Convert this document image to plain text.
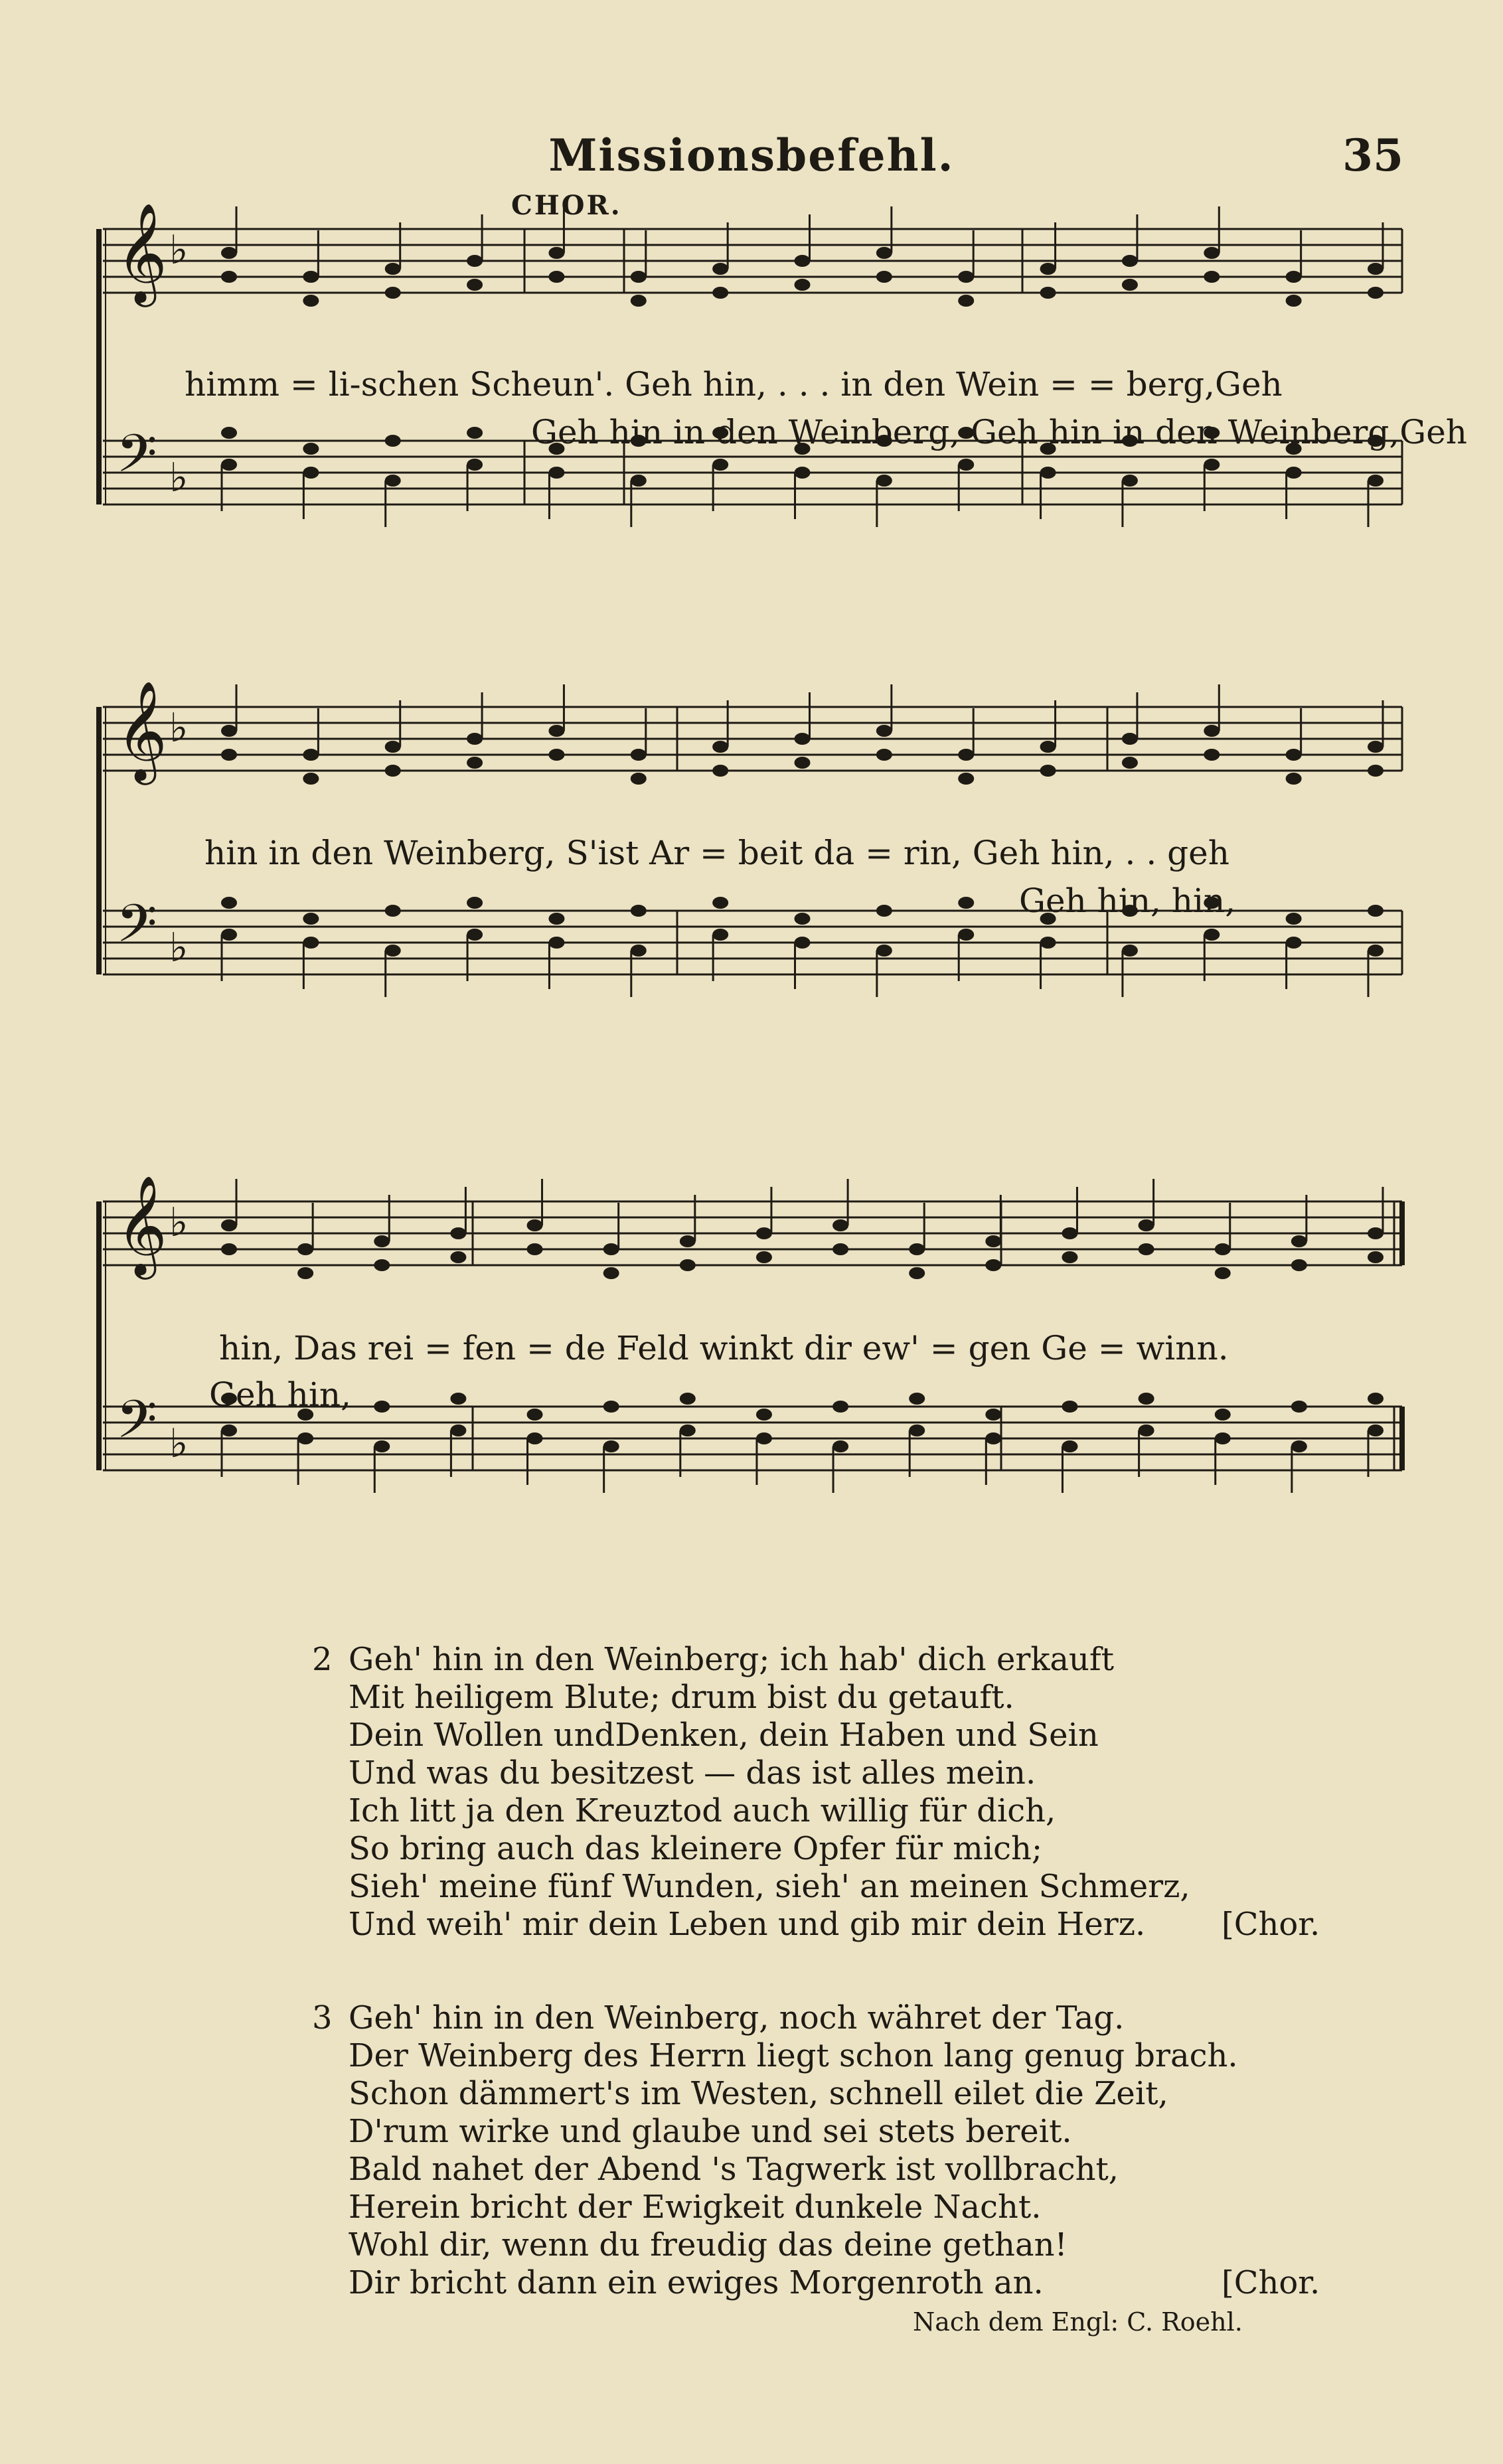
Missionsbefehl.	35
CHOR.
𝄞 ♭
𝄢 ♭
𝄞 ♭
𝄢 ♭
𝄞 ♭
𝄢 ♭
himm = li-schen Scheun'. Geh hin, . . . in den Wein = = berg,Geh
Geh hin in den Weinberg, Geh hin in den Weinberg,Geh
hin in den Weinberg, S'ist Ar = beit da = rin, Geh hin, . . geh
Geh hin, hin,
hin, Das rei = fen = de Feld winkt dir ew' = gen Ge = winn.
Geh hin,
2 Geh' hin in den Weinberg; ich hab' dich erkauft
Mit heiligem Blute; drum bist du getauft.
Dein Wollen undDenken, dein Haben und Sein
Und was du besitzest — das ist alles mein.
Ich litt ja den Kreuztod auch willig für dich,
So bring auch das kleinere Opfer für mich;
Sieh' meine fünf Wunden, sieh' an meinen Schmerz,
Und weih' mir dein Leben und gib mir dein Herz.	[Chor.
3 Geh' hin in den Weinberg, noch währet der Tag.
Der Weinberg des Herrn liegt schon lang genug brach.
Schon dämmert's im Westen, schnell eilet die Zeit,
D'rum wirke und glaube und sei stets bereit.
Bald nahet der Abend 's Tagwerk ist vollbracht,
Herein bricht der Ewigkeit dunkele Nacht.
Wohl dir, wenn du freudig das deine gethan!
Dir bricht dann ein ewiges Morgenroth an.	[Chor.
Nach dem Engl: C. Roehl.
